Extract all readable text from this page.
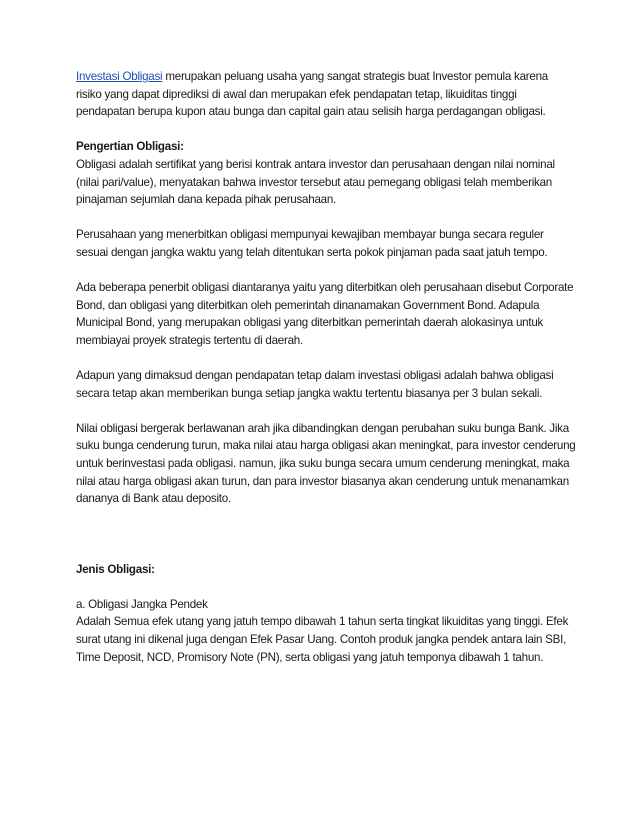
Investasi Obligasi merupakan peluang usaha yang sangat strategis buat Investor pemula karena risiko yang dapat diprediksi di awal dan merupakan efek pendapatan tetap, likuiditas tinggi pendapatan berupa kupon atau bunga dan capital gain atau selisih harga perdagangan obligasi.

Pengertian Obligasi:
Obligasi adalah sertifikat yang berisi kontrak antara investor dan perusahaan dengan nilai nominal (nilai pari/value), menyatakan bahwa investor tersebut atau pemegang obligasi telah memberikan pinajaman sejumlah dana kepada pihak perusahaan.

Perusahaan yang menerbitkan obligasi mempunyai kewajiban membayar bunga secara reguler sesuai dengan jangka waktu yang telah ditentukan serta pokok pinjaman pada saat jatuh tempo.

Ada beberapa penerbit obligasi diantaranya yaitu yang diterbitkan oleh perusahaan disebut Corporate Bond, dan obligasi yang diterbitkan oleh pemerintah dinanamakan Government Bond. Adapula Municipal Bond, yang merupakan obligasi yang diterbitkan pemerintah daerah alokasinya untuk membiayai proyek strategis tertentu di daerah.

Adapun yang dimaksud dengan pendapatan tetap dalam investasi obligasi adalah bahwa obligasi secara tetap akan memberikan bunga setiap jangka waktu tertentu biasanya per 3 bulan sekali.

Nilai obligasi bergerak berlawanan arah jika dibandingkan dengan perubahan suku bunga Bank. Jika suku bunga cenderung turun, maka nilai atau harga obligasi akan meningkat, para investor cenderung untuk berinvestasi pada obligasi. namun, jika suku bunga secara umum cenderung meningkat, maka nilai atau harga obligasi akan turun, dan para investor biasanya akan cenderung untuk menanamkan dananya di Bank atau deposito.

Jenis Obligasi:

a. Obligasi Jangka Pendek
Adalah Semua efek utang yang jatuh tempo dibawah 1 tahun serta tingkat likuiditas yang tinggi. Efek surat utang ini dikenal juga dengan Efek Pasar Uang. Contoh produk jangka pendek antara lain SBI, Time Deposit, NCD, Promisory Note (PN), serta obligasi yang jatuh temponya dibawah 1 tahun.
